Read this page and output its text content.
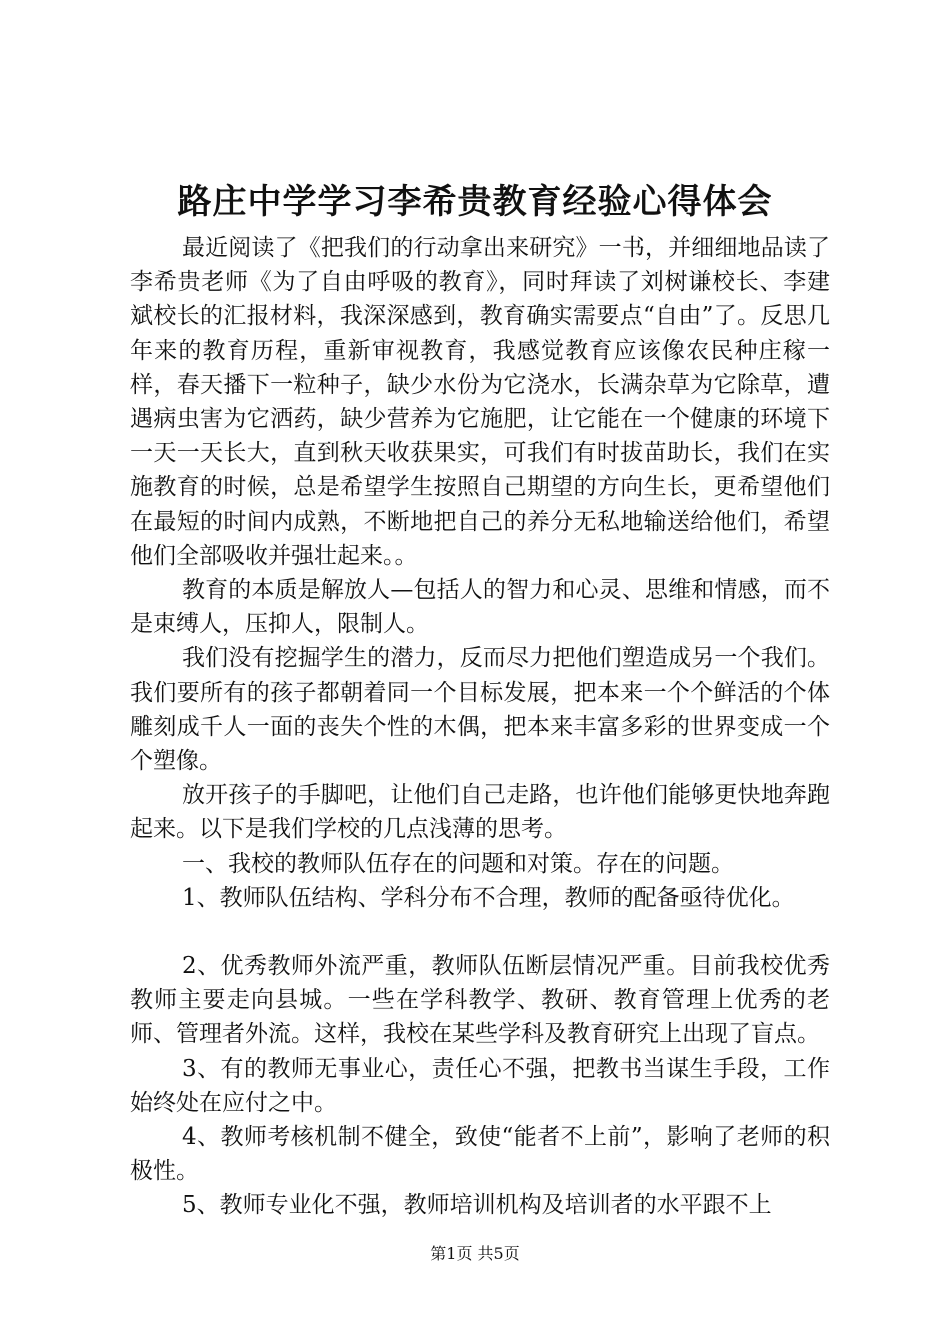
路庄中学学习李希贵教育经验心得体会

最近阅读了《把我们的行动拿出来研究》一书，并细细地品读了李希贵老师《为了自由呼吸的教育》，同时拜读了刘树谦校长、李建斌校长的汇报材料，我深深感到，教育确实需要点“自由”了。反思几年来的教育历程，重新审视教育，我感觉教育应该像农民种庄稼一样，春天播下一粒种子，缺少水份为它浇水，长满杂草为它除草，遭遇病虫害为它洒药，缺少营养为它施肥，让它能在一个健康的环境下一天一天长大，直到秋天收获果实，可我们有时拔苗助长，我们在实施教育的时候，总是希望学生按照自己期望的方向生长，更希望他们在最短的时间内成熟，不断地把自己的养分无私地输送给他们，希望他们全部吸收并强壮起来。。

教育的本质是解放人—包括人的智力和心灵、思维和情感，而不是束缚人，压抑人，限制人。

我们没有挖掘学生的潜力，反而尽力把他们塑造成另一个我们。我们要所有的孩子都朝着同一个目标发展，把本来一个个鲜活的个体雕刻成千人一面的丧失个性的木偶，把本来丰富多彩的世界变成一个个塑像。

放开孩子的手脚吧，让他们自己走路，也许他们能够更快地奔跑起来。以下是我们学校的几点浅薄的思考。

一、我校的教师队伍存在的问题和对策。存在的问题。

1、教师队伍结构、学科分布不合理，教师的配备亟待优化。

2、优秀教师外流严重，教师队伍断层情况严重。目前我校优秀教师主要走向县城。一些在学科教学、教研、教育管理上优秀的老师、管理者外流。这样，我校在某些学科及教育研究上出现了盲点。

3、有的教师无事业心，责任心不强，把教书当谋生手段，工作始终处在应付之中。

4、教师考核机制不健全，致使“能者不上前”，影响了老师的积极性。

5、教师专业化不强，教师培训机构及培训者的水平跟不上

第1页 共5页
